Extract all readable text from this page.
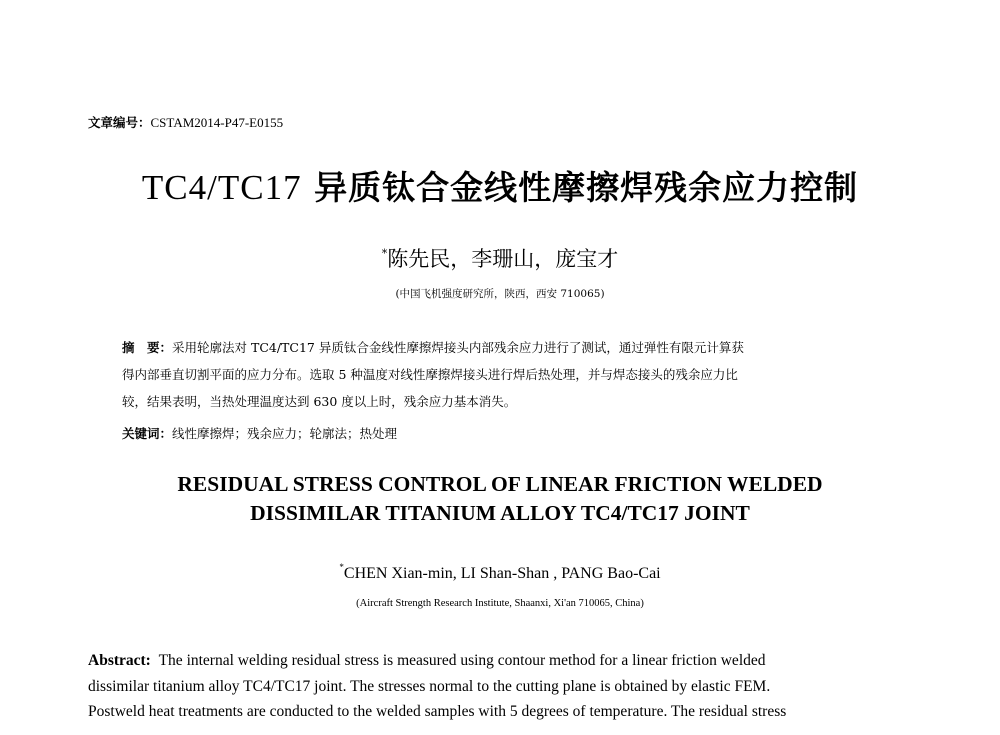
文章编号：CSTAM2014-P47-E0155
TC4/TC17 异质钛合金线性摩擦焊残余应力控制
*陈先民，李珊山，庞宝才
(中国飞机强度研究所，陕西，西安 710065)
摘　要：采用轮廓法对 TC4/TC17 异质钛合金线性摩擦焊接头内部残余应力进行了测试，通过弹性有限元计算获
得内部垂直切割平面的应力分布。选取 5 种温度对线性摩擦焊接头进行焊后热处理，并与焊态接头的残余应力比
较，结果表明，当热处理温度达到 630 度以上时，残余应力基本消失。
关键词：线性摩擦焊；残余应力；轮廓法；热处理
RESIDUAL STRESS CONTROL OF LINEAR FRICTION WELDED
DISSIMILAR TITANIUM ALLOY TC4/TC17 JOINT
*CHEN Xian-min, LI Shan-Shan , PANG Bao-Cai
(Aircraft Strength Research Institute, Shaanxi, Xi'an 710065, China)
Abstract: The internal welding residual stress is measured using contour method for a linear friction welded
dissimilar titanium alloy TC4/TC17 joint. The stresses normal to the cutting plane is obtained by elastic FEM.
Postweld heat treatments are conducted to the welded samples with 5 degrees of temperature. The residual stress
